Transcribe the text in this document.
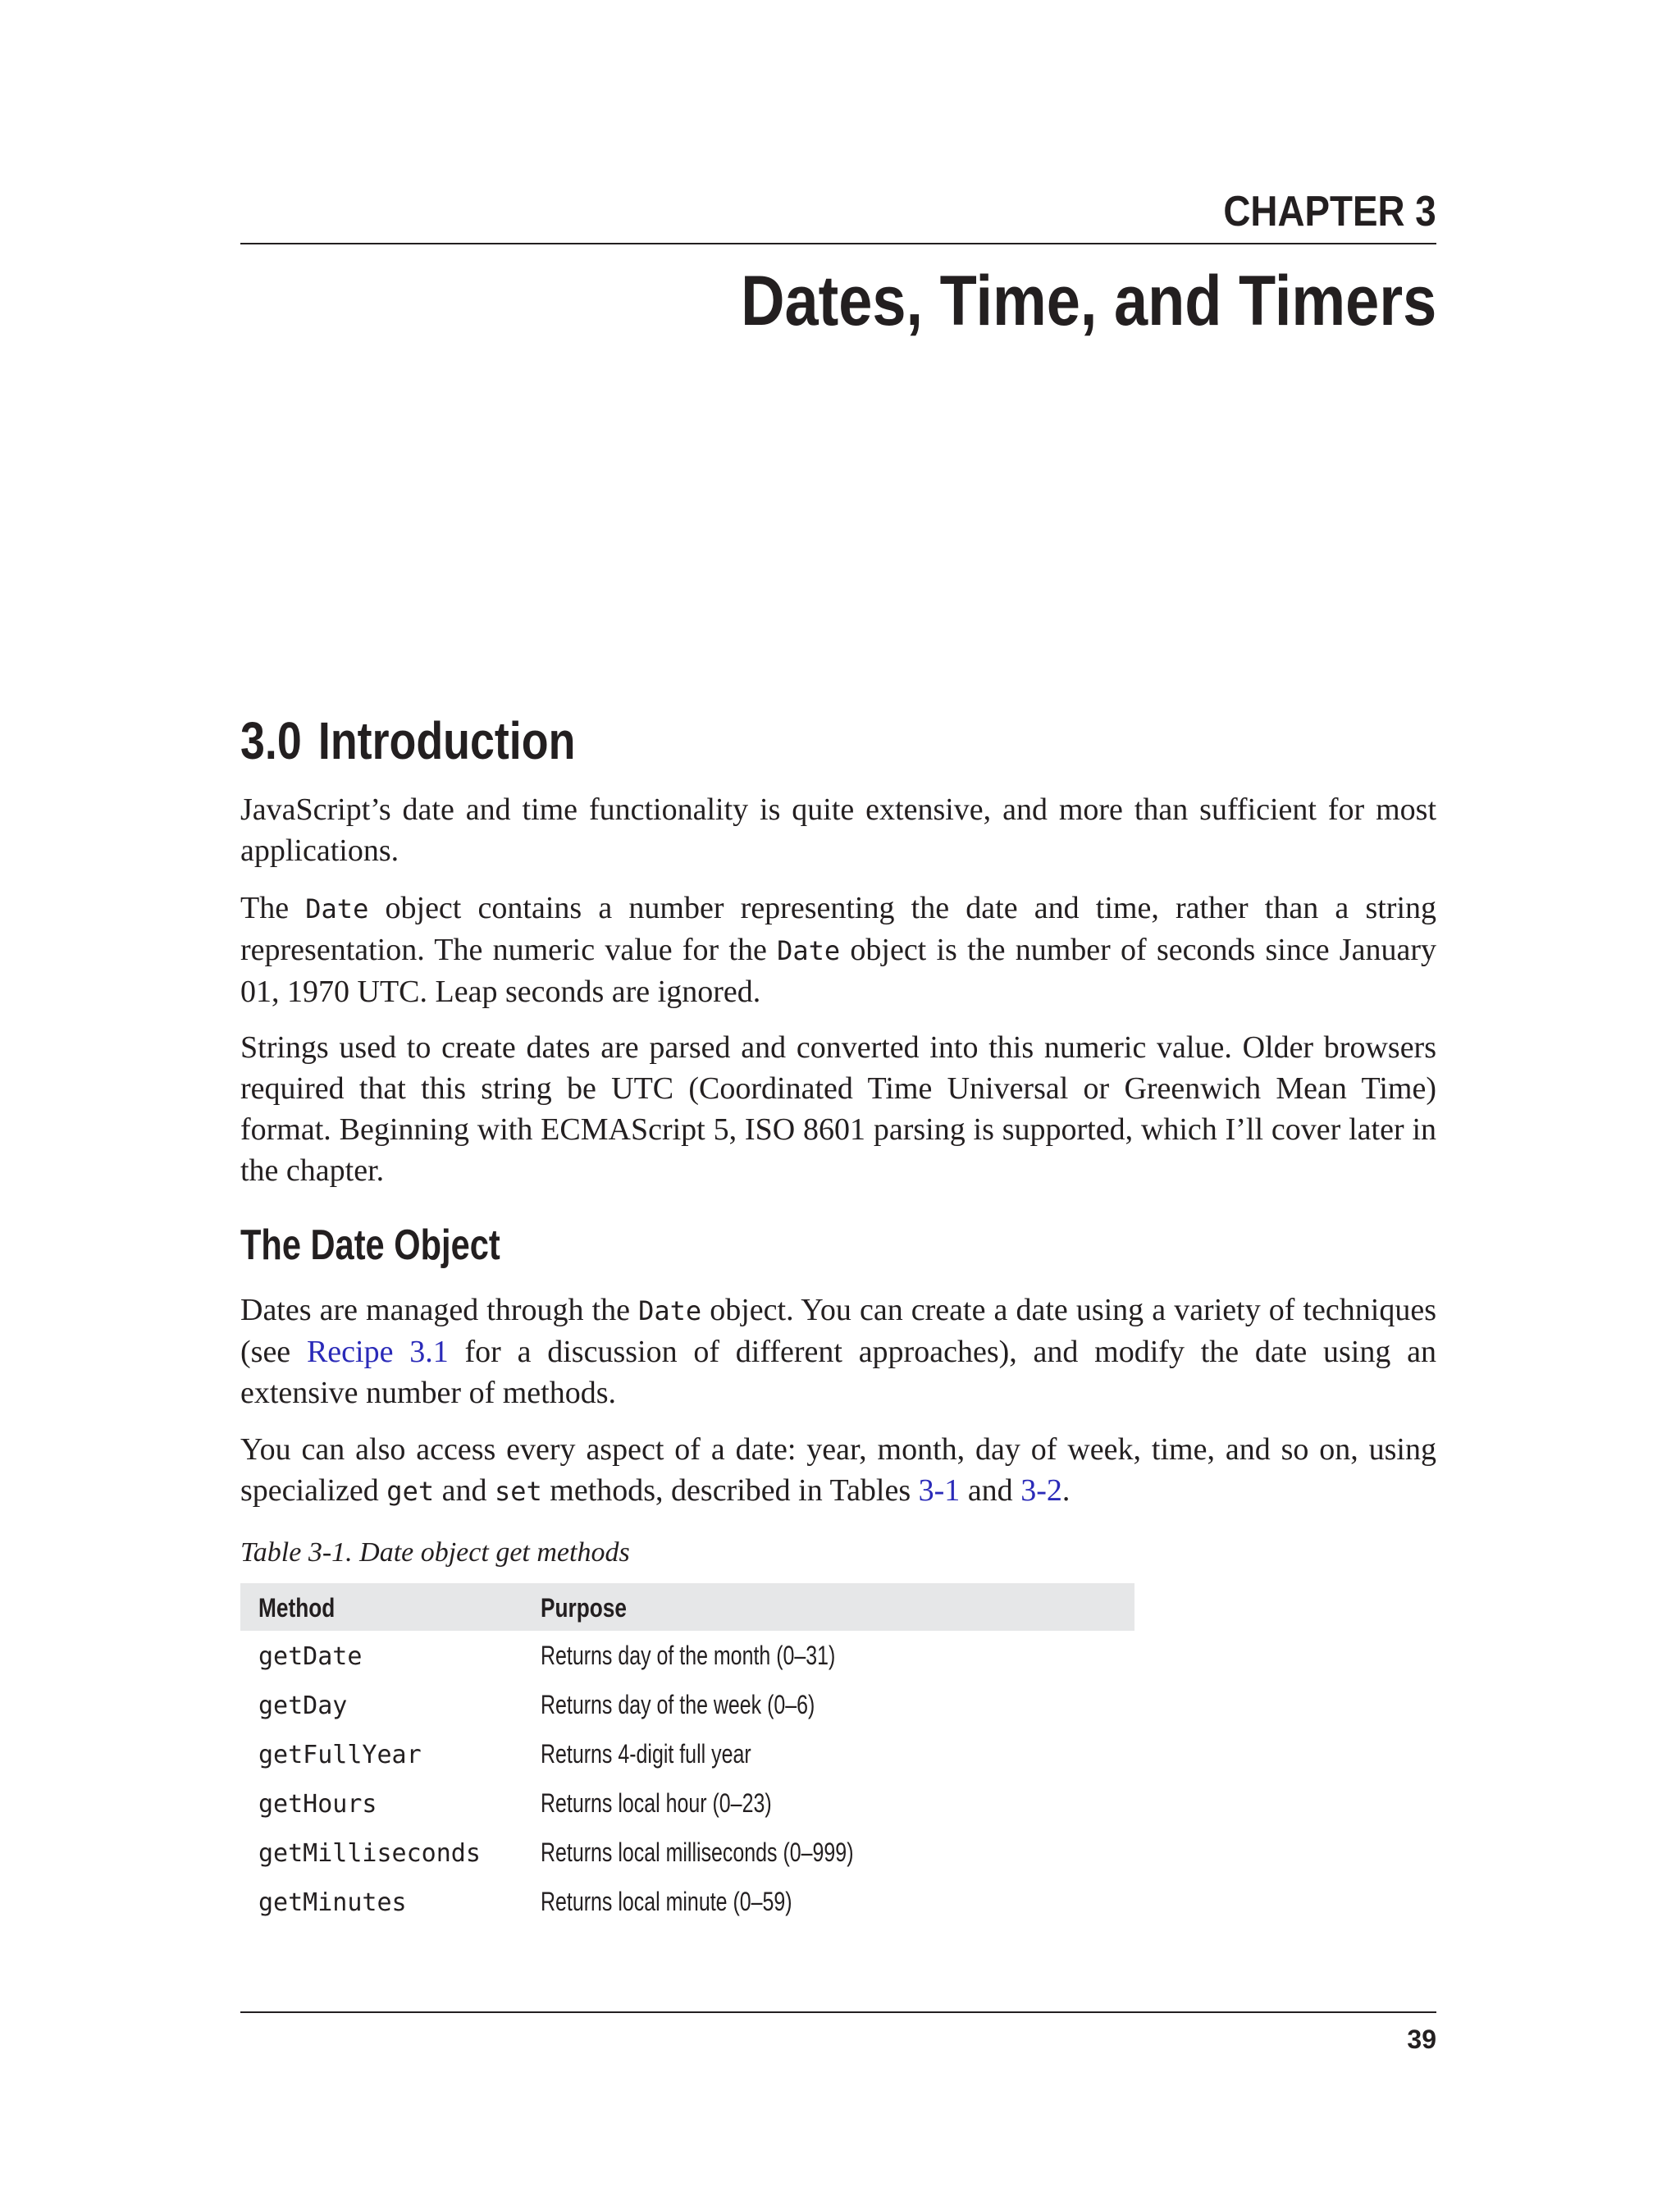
CHAPTER 3
Dates, Time, and Timers
3.0 Introduction

JavaScript’s date and time functionality is quite extensive, and more than sufficient for most applications.

The Date object contains a number representing the date and time, rather than a string representation. The numeric value for the Date object is the number of seconds since January 01, 1970 UTC. Leap seconds are ignored.

Strings used to create dates are parsed and converted into this numeric value. Older browsers required that this string be UTC (Coordinated Time Universal or Greenwich Mean Time) format. Beginning with ECMAScript 5, ISO 8601 parsing is supported, which I’ll cover later in the chapter.

The Date Object

Dates are managed through the Date object. You can create a date using a variety of techniques (see Recipe 3.1 for a discussion of different approaches), and modify the date using an extensive number of methods.

You can also access every aspect of a date: year, month, day of week, time, and so on, using specialized get and set methods, described in Tables 3-1 and 3-2.

Table 3-1. Date object get methods
Method	Purpose
getDate	Returns day of the month (0–31)
getDay	Returns day of the week (0–6)
getFullYear	Returns 4-digit full year
getHours	Returns local hour (0–23)
getMilliseconds Returns local milliseconds (0–999)
getMinutes	Returns local minute (0–59)
39
